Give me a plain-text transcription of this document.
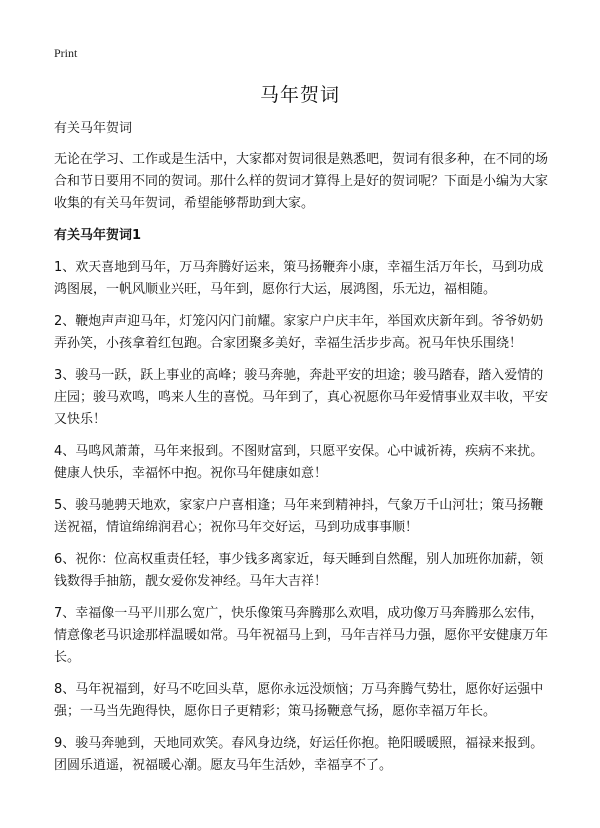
Print
马年贺词

有关马年贺词

无论在学习、工作或是生活中，大家都对贺词很是熟悉吧，贺词有很多种，在不同的场合和节日要用不同的贺词。那什么样的贺词才算得上是好的贺词呢？下面是小编为大家收集的有关马年贺词，希望能够帮助到大家。

有关马年贺词1

1、欢天喜地到马年，万马奔腾好运来，策马扬鞭奔小康，幸福生活万年长，马到功成鸿图展，一帆风顺业兴旺，马年到，愿你行大运，展鸿图，乐无边，福相随。

2、鞭炮声声迎马年，灯笼闪闪门前耀。家家户户庆丰年，举国欢庆新年到。爷爷奶奶弄孙笑，小孩拿着红包跑。合家团聚多美好，幸福生活步步高。祝马年快乐围绕！

3、骏马一跃，跃上事业的高峰；骏马奔驰，奔赴平安的坦途；骏马踏春，踏入爱情的庄园；骏马欢鸣，鸣来人生的喜悦。马年到了，真心祝愿你马年爱情事业双丰收，平安又快乐！

4、马鸣风萧萧，马年来报到。不图财富到，只愿平安保。心中诚祈祷，疾病不来扰。健康人快乐，幸福怀中抱。祝你马年健康如意！

5、骏马驰骋天地欢，家家户户喜相逢；马年来到精神抖，气象万千山河壮；策马扬鞭送祝福，情谊绵绵润君心；祝你马年交好运，马到功成事事顺！

6、祝你：位高权重责任轻，事少钱多离家近，每天睡到自然醒，别人加班你加薪，领钱数得手抽筋，靓女爱你发神经。马年大吉祥！

7、幸福像一马平川那么宽广，快乐像策马奔腾那么欢唱，成功像万马奔腾那么宏伟，情意像老马识途那样温暖如常。马年祝福马上到，马年吉祥马力强，愿你平安健康万年长。

8、马年祝福到，好马不吃回头草，愿你永远没烦恼；万马奔腾气势壮，愿你好运强中强；一马当先跑得快，愿你日子更精彩；策马扬鞭意气扬，愿你幸福万年长。

9、骏马奔驰到，天地同欢笑。春风身边绕，好运任你抱。艳阳暖暖照，福禄来报到。团圆乐逍遥，祝福暖心潮。愿友马年生活妙，幸福享不了。
